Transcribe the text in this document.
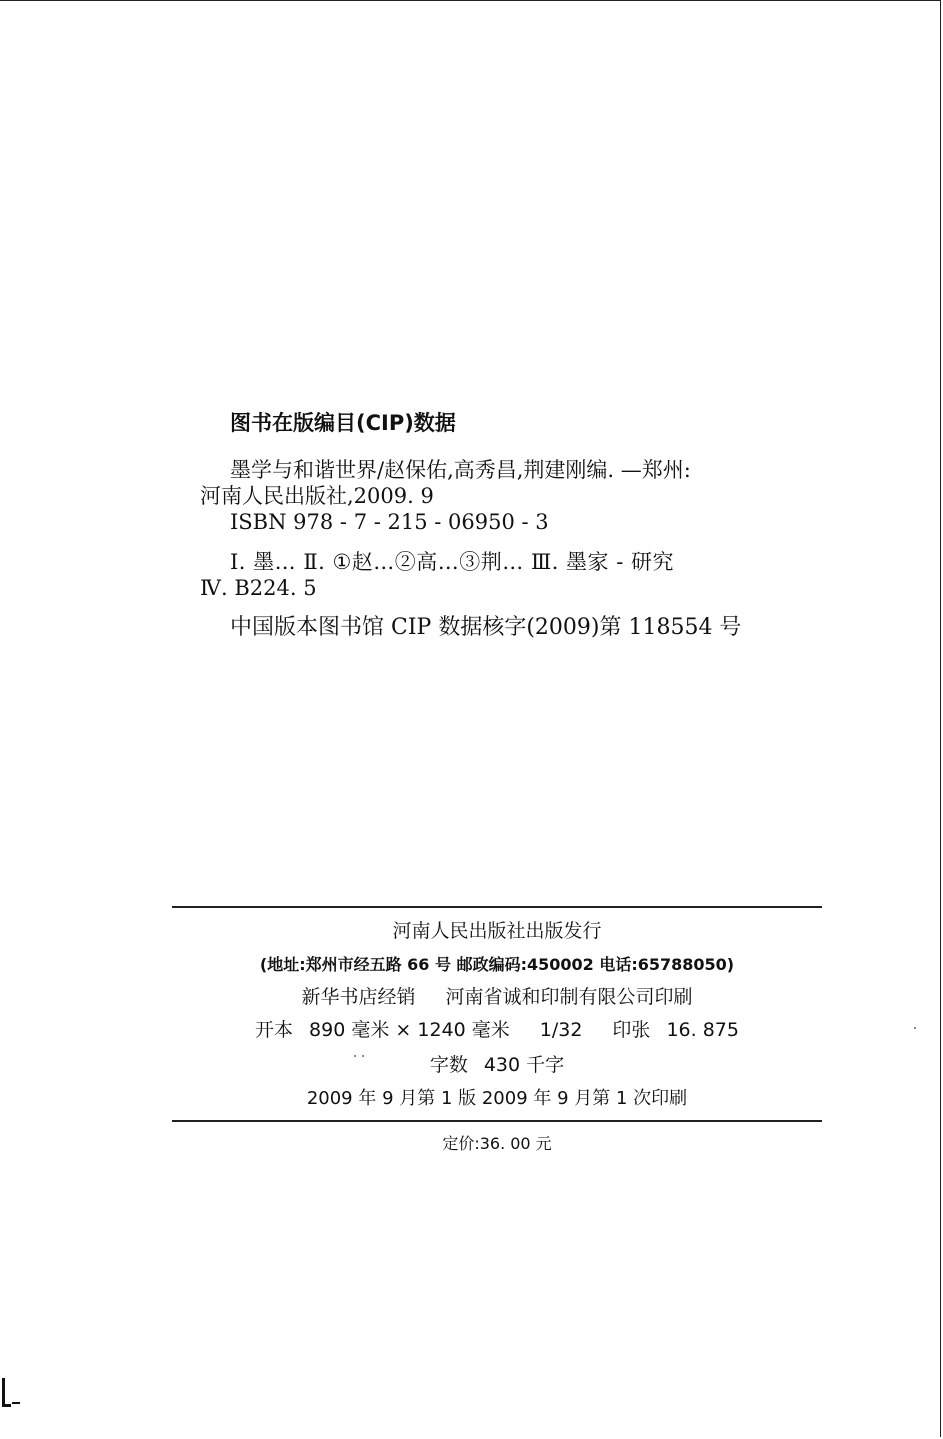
图书在版编目(CIP)数据
墨学与和谐世界/赵保佑,高秀昌,荆建刚编. —郑州:
河南人民出版社,2009. 9
ISBN 978 - 7 - 215 - 06950 - 3
Ⅰ. 墨… Ⅱ. ①赵…②高…③荆… Ⅲ. 墨家 - 研究
Ⅳ. B224. 5
中国版本图书馆 CIP 数据核字(2009)第 118554 号
河南人民出版社出版发行
(地址:郑州市经五路 66 号 邮政编码:450002 电话:65788050)
新华书店经销 河南省诚和印制有限公司印刷
开本 890 毫米 × 1240 毫米 1/32 印张 16. 875
字数 430 千字
2009 年 9 月第 1 版 2009 年 9 月第 1 次印刷
定价:36. 00 元
